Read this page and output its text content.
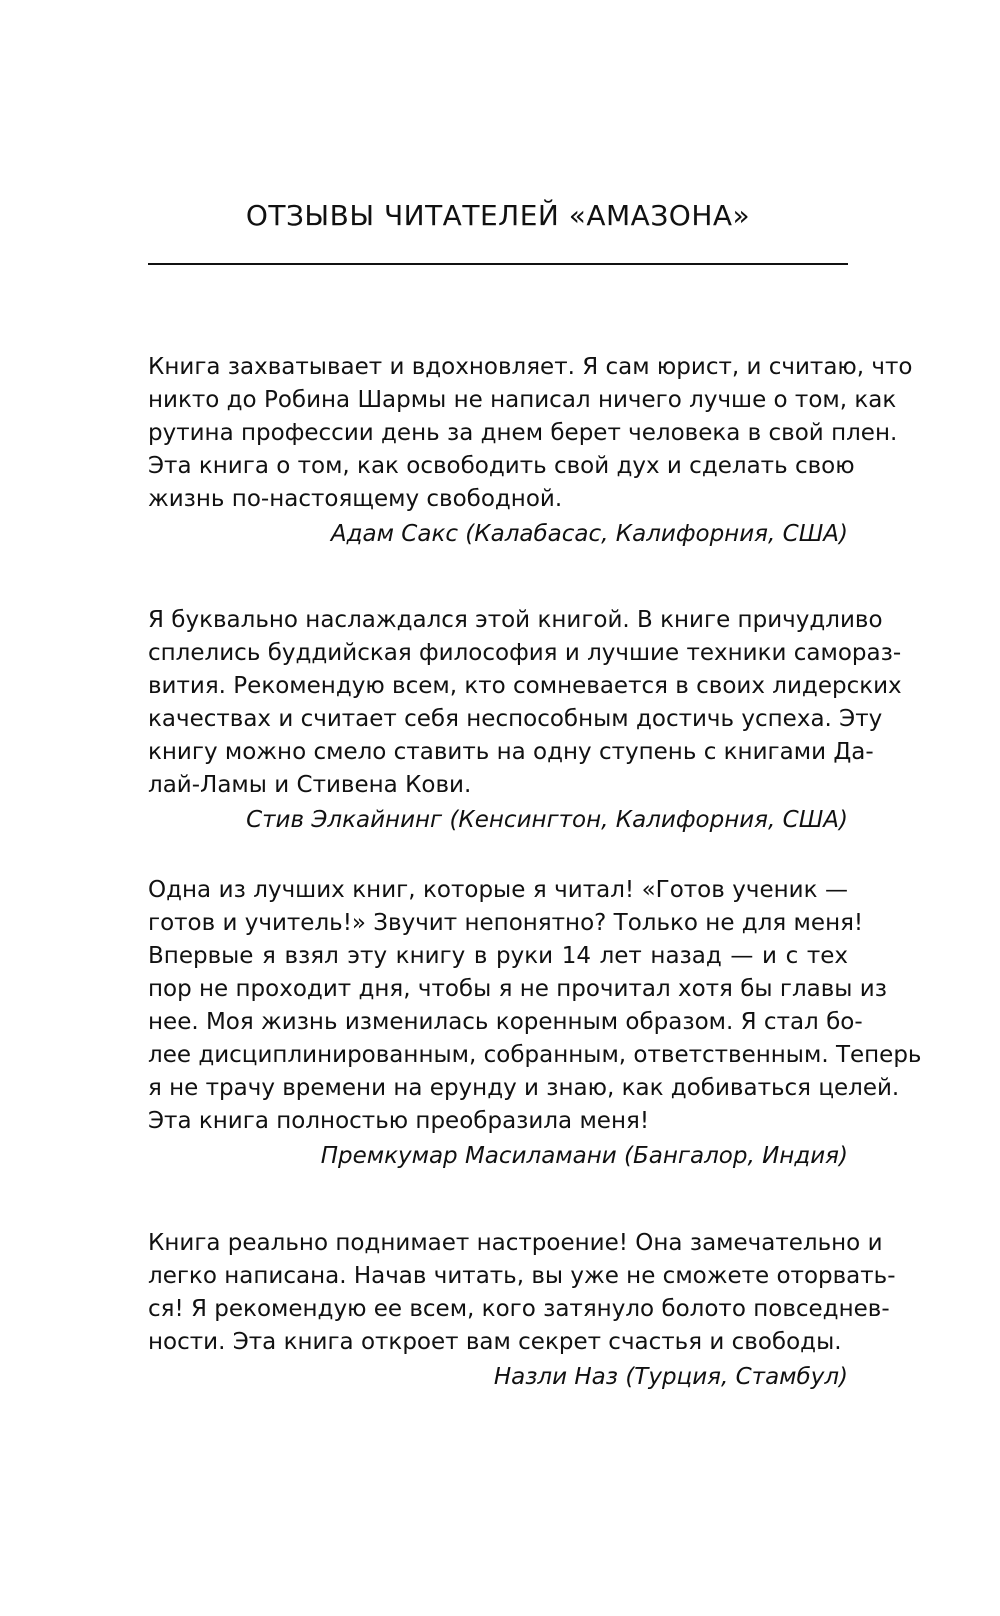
ОТЗЫВЫ ЧИТАТЕЛЕЙ «АМАЗОНА»
Книга захватывает и вдохновляет. Я сам юрист, и считаю, что
никто до Робина Шармы не написал ничего лучше о том, как
рутина профессии день за днем берет человека в свой плен.
Эта книга о том, как освободить свой дух и сделать свою
жизнь по-настоящему свободной.
Адам Сакс (Калабасас, Калифорния, США)
Я буквально наслаждался этой книгой. В книге причудливо
сплелись буддийская философия и лучшие техники самораз-
вития. Рекомендую всем, кто сомневается в своих лидерских
качествах и считает себя неспособным достичь успеха. Эту
книгу можно смело ставить на одну ступень с книгами Да-
лай-Ламы и Стивена Кови.
Стив Элкайнинг (Кенсингтон, Калифорния, США)
Одна из лучших книг, которые я читал! «Готов ученик —
готов и учитель!» Звучит непонятно? Только не для меня!
Впервые я взял эту книгу в руки 14 лет назад — и с тех
пор не проходит дня, чтобы я не прочитал хотя бы главы из
нее. Моя жизнь изменилась коренным образом. Я стал бо-
лее дисциплинированным, собранным, ответственным. Теперь
я не трачу времени на ерунду и знаю, как добиваться целей.
Эта книга полностью преобразила меня!
Премкумар Масиламани (Бангалор, Индия)
Книга реально поднимает настроение! Она замечательно и
легко написана. Начав читать, вы уже не сможете оторвать-
ся! Я рекомендую ее всем, кого затянуло болото повседнев-
ности. Эта книга откроет вам секрет счастья и свободы.
Назли Наз (Турция, Стамбул)
